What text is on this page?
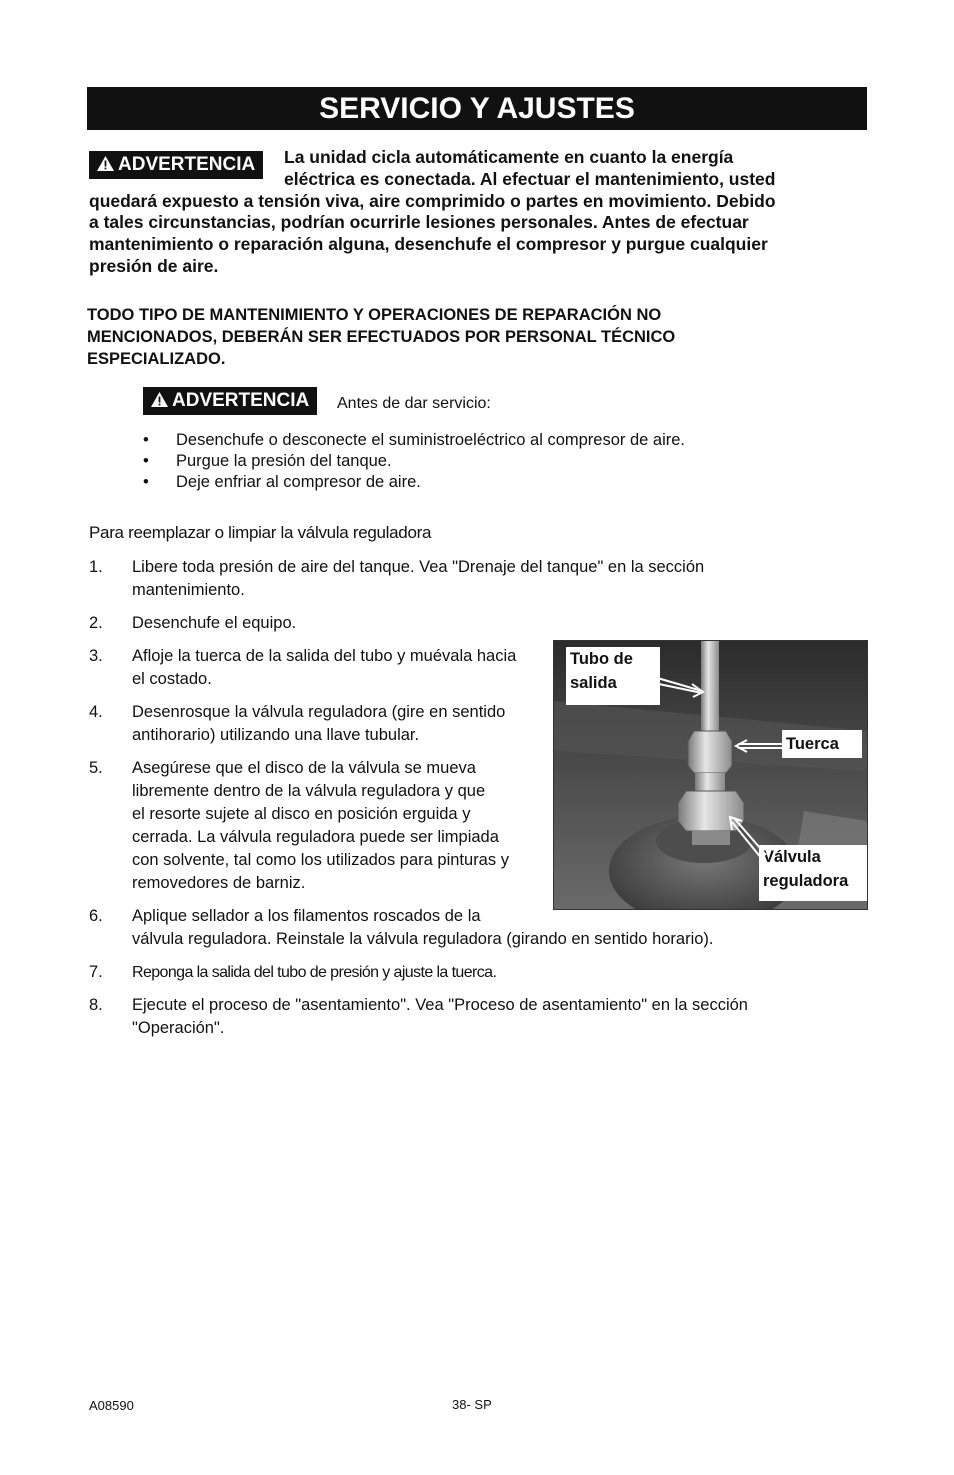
SERVICIO Y AJUSTES
ADVERTENCIA	La unidad cicla automáticamente en cuanto la energía
eléctrica es conectada. Al efectuar el mantenimiento, usted
quedará expuesto a tensión viva, aire comprimido o partes en movimiento. Debido
a tales circunstancias, podrían ocurrirle lesiones personales. Antes de efectuar
mantenimiento o reparación alguna, desenchufe el compresor y purgue cualquier
presión de aire.
TODO TIPO DE MANTENIMIENTO Y OPERACIONES DE REPARACIÓN NO
MENCIONADOS, DEBERÁN SER EFECTUADOS POR PERSONAL TÉCNICO
ESPECIALIZADO.
ADVERTENCIA	Antes de dar servicio:
• Desenchufe o desconecte el suministroeléctrico al compresor de aire.
• Purgue la presión del tanque.
• Deje enfriar al compresor de aire.
Para reemplazar o limpiar la válvula reguladora
1. Libere toda presión de aire del tanque. Vea "Drenaje del tanque" en la sección
mantenimiento.
2. Desenchufe el equipo.
3. Afloje la tuerca de la salida del tubo y muévala hacia
el costado.
4. Desenrosque la válvula reguladora (gire en sentido
antihorario) utilizando una llave tubular.
5. Asegúrese que el disco de la válvula se mueva
libremente dentro de la válvula reguladora y que
el resorte sujete al disco en posición erguida y
cerrada. La válvula reguladora puede ser limpiada
con solvente, tal como los utilizados para pinturas y
removedores de barniz.
6. Aplique sellador a los filamentos roscados de la
válvula reguladora. Reinstale la válvula reguladora (girando en sentido horario).
7. Reponga la salida del tubo de presión y ajuste la tuerca.
8. Ejecute el proceso de "asentamiento". Vea "Proceso de asentamiento" en la sección
"Operación".
Tubo de
salida
Tuerca
Válvula
reguladora
A08590	38- SP
